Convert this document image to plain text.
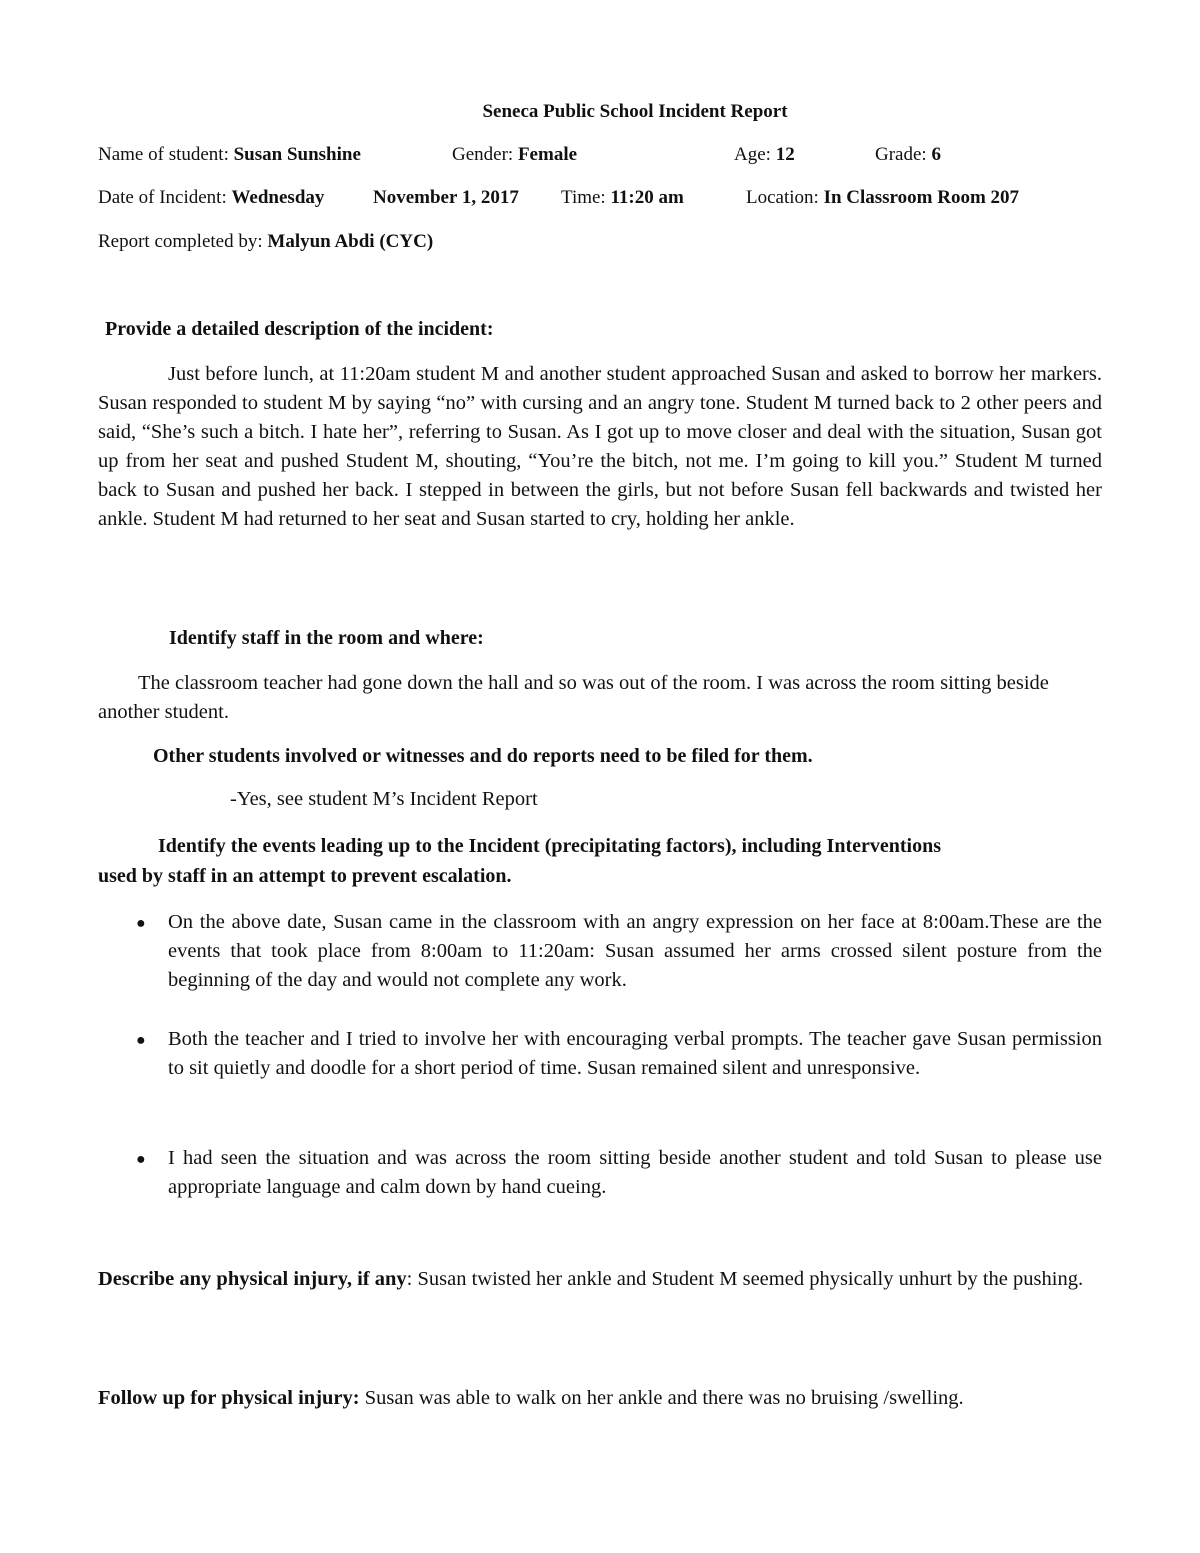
Seneca Public School Incident Report
Name of student: Susan Sunshine	Gender: Female	Age: 12	Grade: 6
Date of Incident: Wednesday	November 1, 2017 Time: 11:20 am	Location: In Classroom Room 207
Report completed by: Malyun Abdi (CYC)
Provide a detailed description of the incident:
Just before lunch, at 11:20am student M and another student approached Susan and asked to borrow her markers. Susan responded to student M by saying “no” with cursing and an angry tone. Student M turned back to 2 other peers and said, “She’s such a bitch. I hate her”, referring to Susan. As I got up to move closer and deal with the situation, Susan got up from her seat and pushed Student M, shouting, “You’re the bitch, not me. I’m going to kill you.” Student M turned back to Susan and pushed her back. I stepped in between the girls, but not before Susan fell backwards and twisted her ankle. Student M had returned to her seat and Susan started to cry, holding her ankle.
Identify staff in the room and where:
The classroom teacher had gone down the hall and so was out of the room. I was across the room sitting beside another student.
Other students involved or witnesses and do reports need to be filed for them.
-Yes, see student M’s Incident Report
Identify the events leading up to the Incident (precipitating factors), including Interventions
used by staff in an attempt to prevent escalation.
● On the above date, Susan came in the classroom with an angry expression on her face at 8:00am.These are the events that took place from 8:00am to 11:20am: Susan assumed her arms crossed silent posture from the beginning of the day and would not complete any work.
● Both the teacher and I tried to involve her with encouraging verbal prompts. The teacher gave Susan permission to sit quietly and doodle for a short period of time. Susan remained silent and unresponsive.
● I had seen the situation and was across the room sitting beside another student and told Susan to please use appropriate language and calm down by hand cueing.
Describe any physical injury, if any: Susan twisted her ankle and Student M seemed physically unhurt by the pushing.
Follow up for physical injury: Susan was able to walk on her ankle and there was no bruising /swelling.
